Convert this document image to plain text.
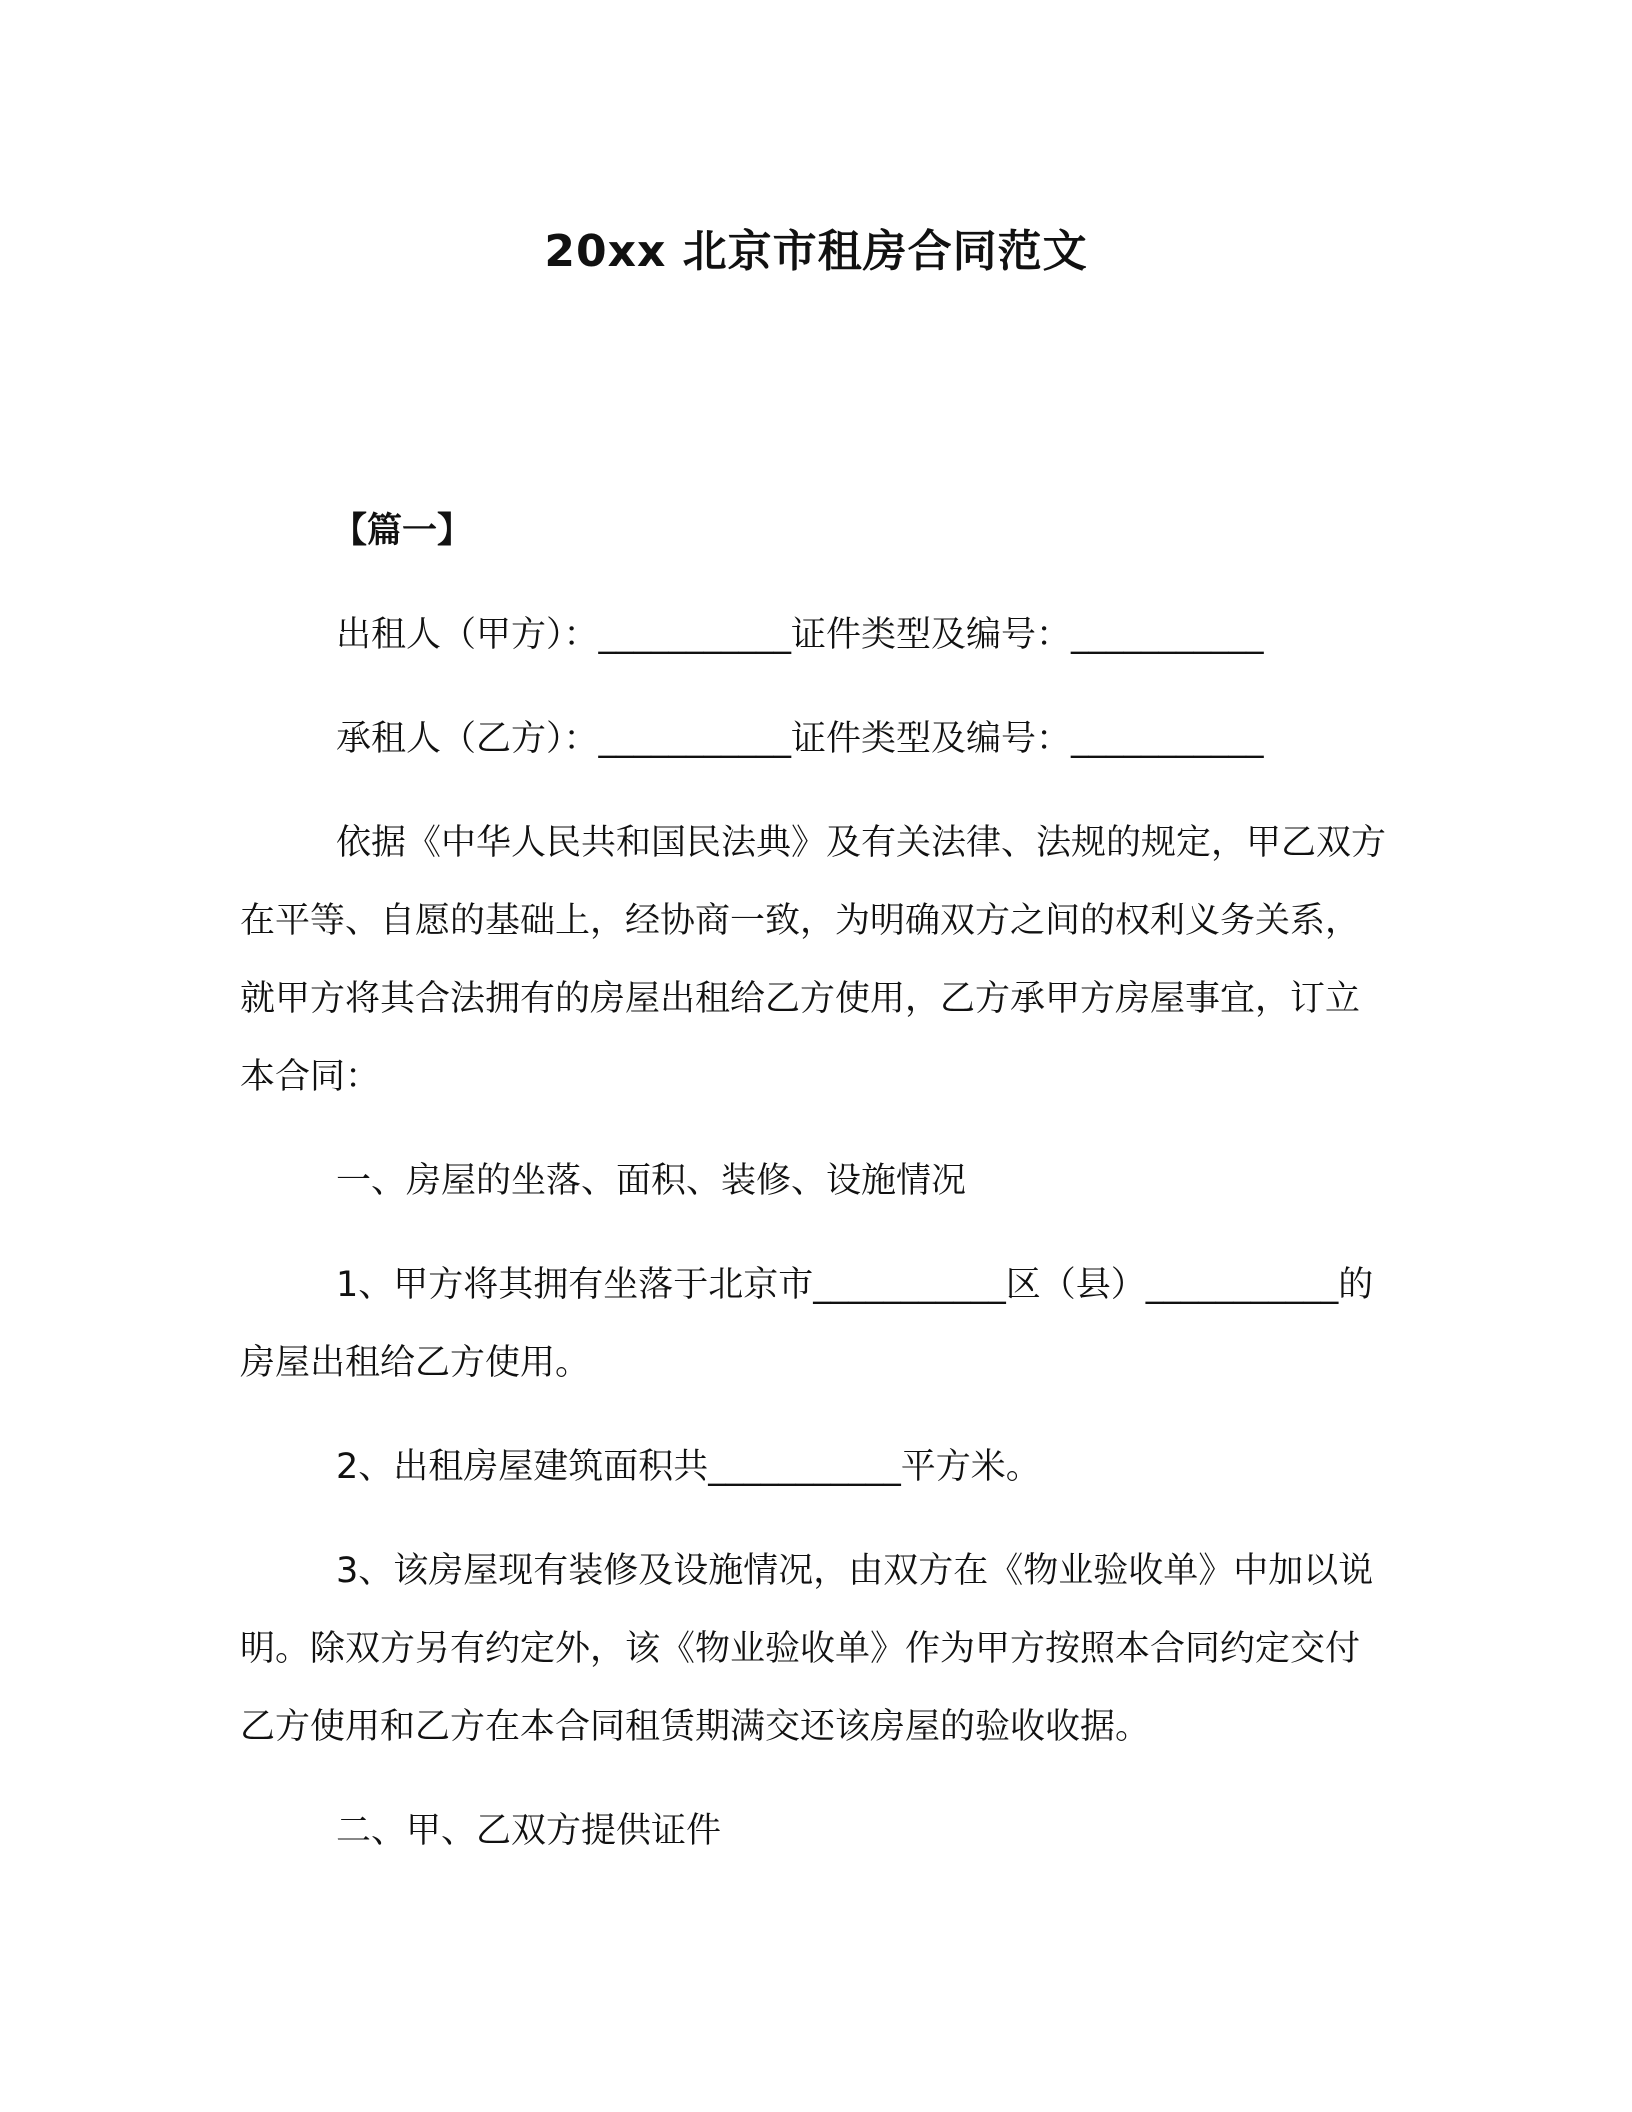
20xx 北京市租房合同范文

【篇一】

出租人（甲方）：___________证件类型及编号：___________

承租人（乙方）：___________证件类型及编号：___________

依据《中华人民共和国民法典》及有关法律、法规的规定，甲乙双方在平等、自愿的基础上，经协商一致，为明确双方之间的权利义务关系，就甲方将其合法拥有的房屋出租给乙方使用，乙方承甲方房屋事宜，订立本合同：

一、房屋的坐落、面积、装修、设施情况

1、甲方将其拥有坐落于北京市___________区（县）___________的房屋出租给乙方使用。

2、出租房屋建筑面积共___________平方米。

3、该房屋现有装修及设施情况，由双方在《物业验收单》中加以说明。除双方另有约定外，该《物业验收单》作为甲方按照本合同约定交付乙方使用和乙方在本合同租赁期满交还该房屋的验收收据。

二、甲、乙双方提供证件
